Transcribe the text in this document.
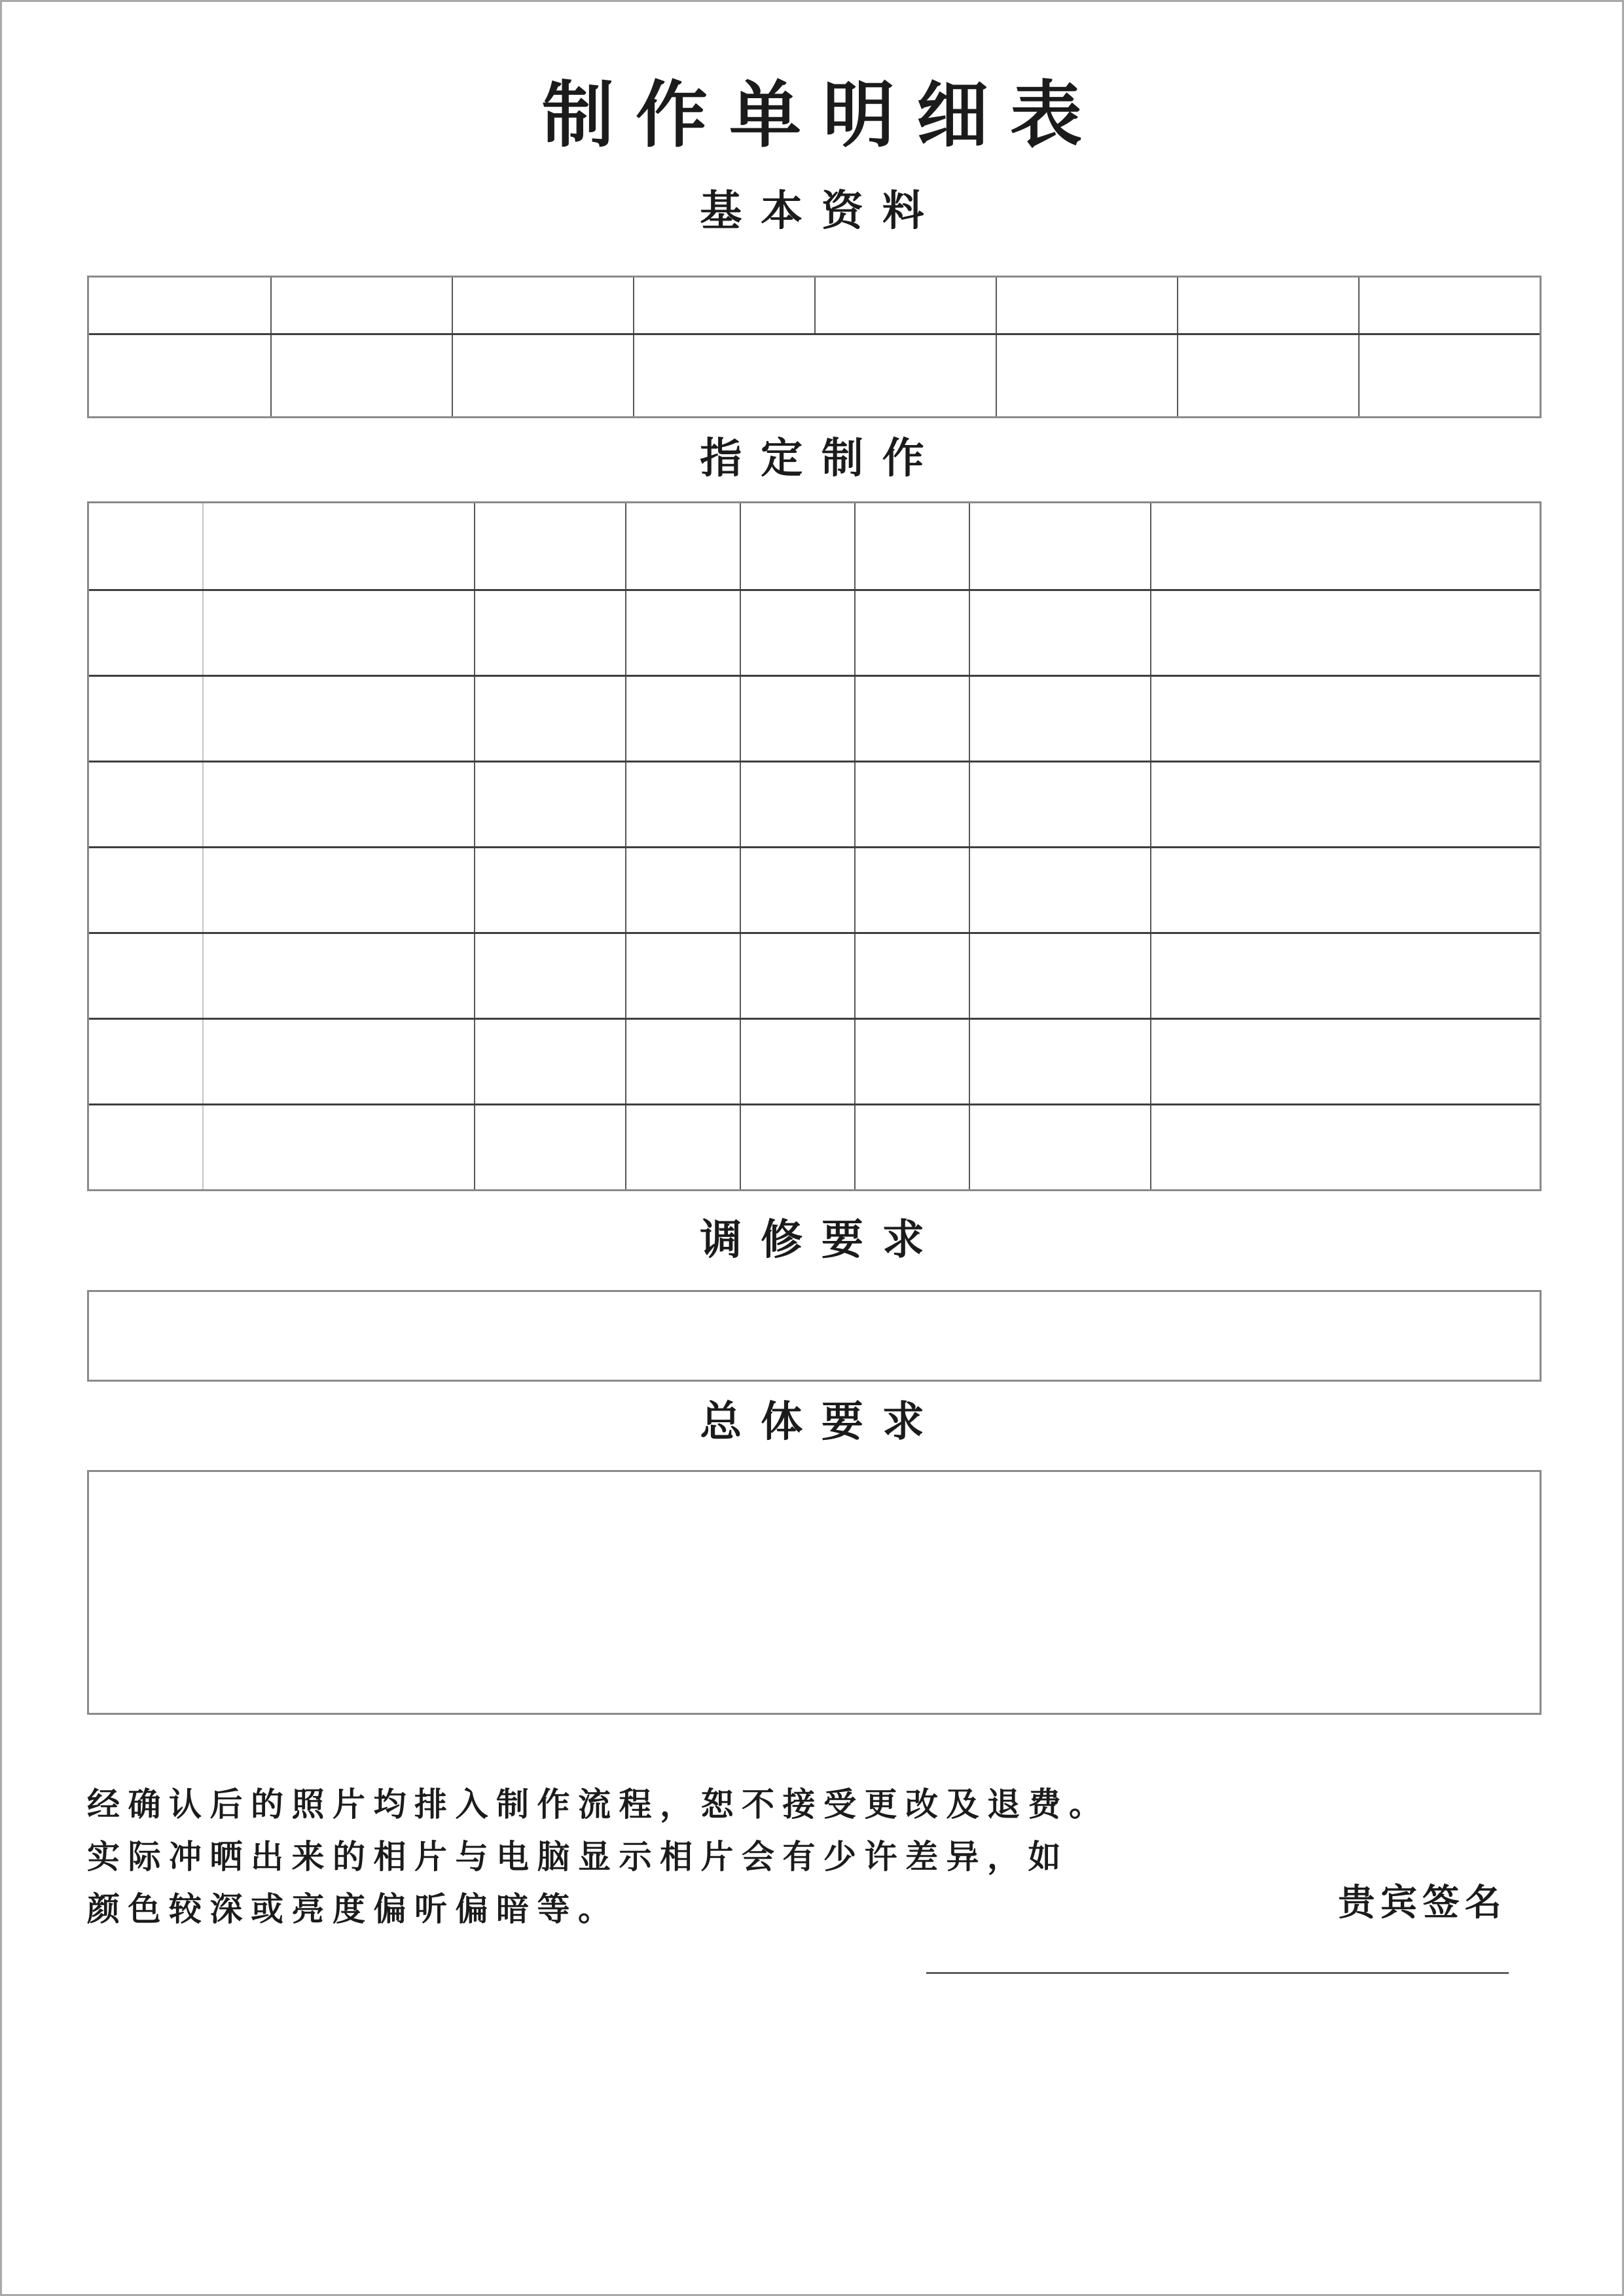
制作单明细表
基本资料
指定制作
调修要求
总体要求
经确认后的照片均排入制作流程，恕不接受更改及退费。
实际冲晒出来的相片与电脑显示相片会有少许差异，如
颜色较深或亮度偏听偏暗等。	贵宾签名
